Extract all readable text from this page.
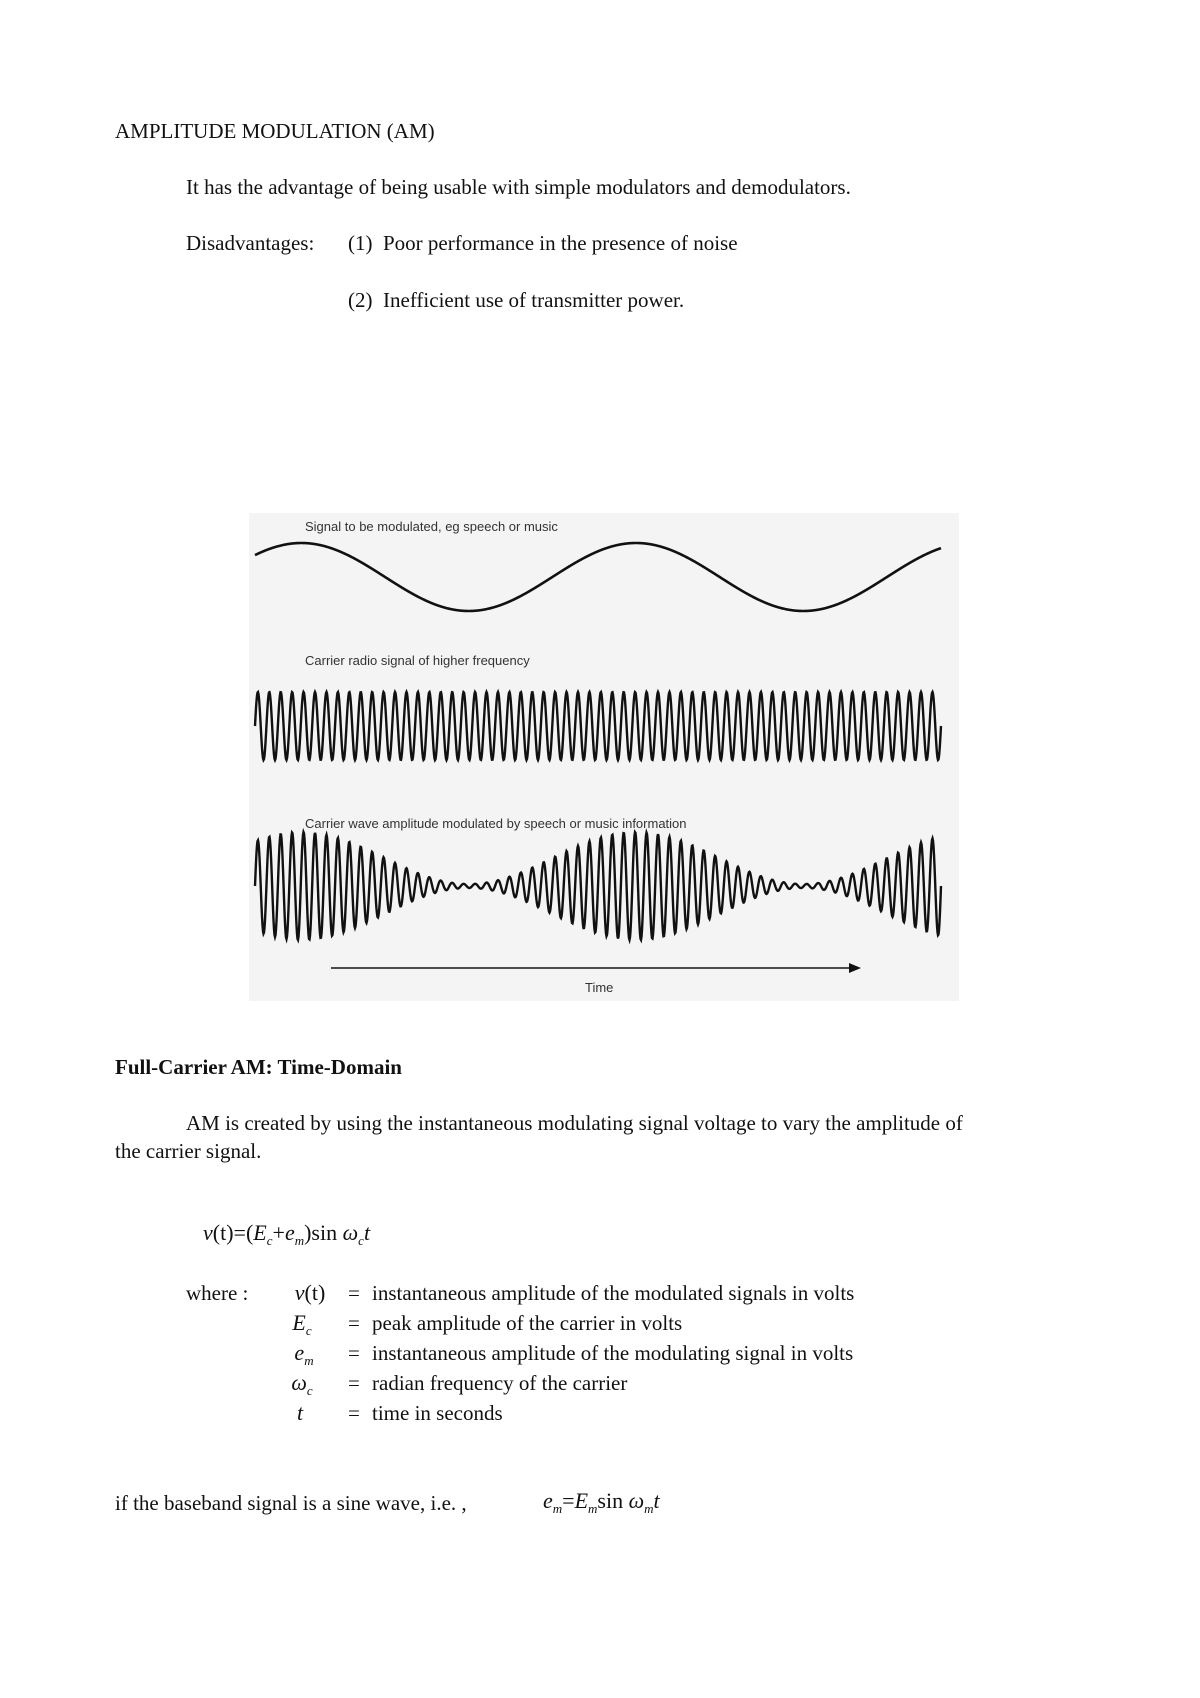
AMPLITUDE MODULATION (AM)
It has the advantage of being usable with simple modulators and demodulators.
Disadvantages: (1) Poor performance in the presence of noise
(2) Inefficient use of transmitter power.
Signal to be modulated, eg speech or music
Carrier radio signal of higher frequency
Carrier wave amplitude modulated by speech or music information
Time
Full-Carrier AM: Time-Domain
AM is created by using the instantaneous modulating signal voltage to vary the amplitude of
the carrier signal.
$v(t)=(E_c+e_m)\sin$ $\omega_ct$
where :	v(t)	= instantaneous amplitude of the modulated signals in volts
$E_c$	= peak amplitude of the carrier in volts
$e_m$	= instantaneous amplitude of the modulating signal in volts
$\omega_c$	= radian frequency of the carrier
t	= time in seconds
if the baseband signal is a sine wave, i.e. ,	$e_m=E_m\sin$ $\omega_mt$
